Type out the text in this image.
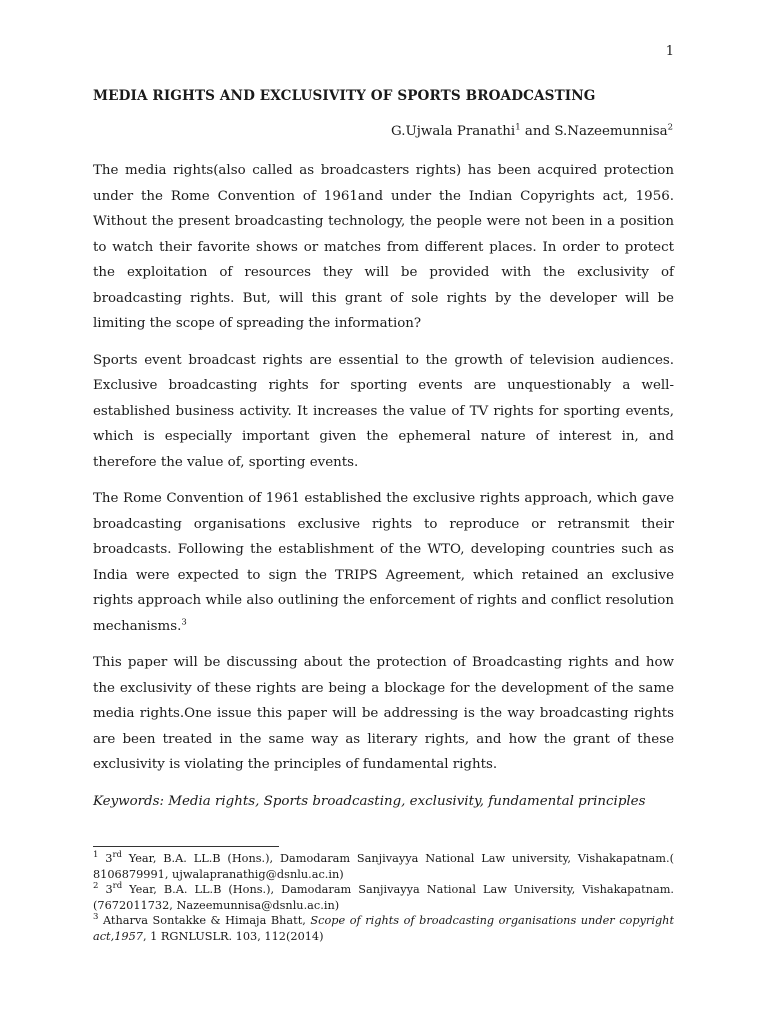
1
MEDIA RIGHTS AND EXCLUSIVITY OF SPORTS BROADCASTING
G.Ujwala Pranathi$^1$ and S.Nazeemunnisa$^2$

The media rights(also called as broadcasters rights) has been acquired protection under the Rome Convention of 1961and under the Indian Copyrights act, 1956. Without the present broadcasting technology, the people were not been in a position to watch their favorite shows or matches from different places. In order to protect the exploitation of resources they will be provided with the exclusivity of broadcasting rights. But, will this grant of sole rights by the developer will be limiting the scope of spreading the information?

Sports event broadcast rights are essential to the growth of television audiences. Exclusive broadcasting rights for sporting events are unquestionably a well-established business activity. It increases the value of TV rights for sporting events, which is especially important given the ephemeral nature of interest in, and therefore the value of, sporting events.

The Rome Convention of 1961 established the exclusive rights approach, which gave broadcasting organisations exclusive rights to reproduce or retransmit their broadcasts. Following the establishment of the WTO, developing countries such as India were expected to sign the TRIPS Agreement, which retained an exclusive rights approach while also outlining the enforcement of rights and conflict resolution mechanisms.$^3$

This paper will be discussing about the protection of Broadcasting rights and how the exclusivity of these rights are being a blockage for the development of the same media rights.One issue this paper will be addressing is the way broadcasting rights are been treated in the same way as literary rights, and how the grant of these exclusivity is violating the principles of fundamental rights.

Keywords: Media rights, Sports broadcasting, exclusivity, fundamental principles

$^1$ 3rd Year, B.A. LL.B (Hons.), Damodaram Sanjivayya National Law university, Vishakapatnam.( 8106879991, ujwalapranathig@dsnlu.ac.in)

$^2$ 3rd Year, B.A. LL.B (Hons.), Damodaram Sanjivayya National Law University, Vishakapatnam. (7672011732, Nazeemunnisa@dsnlu.ac.in)

$^3$ Atharva Sontakke & Himaja Bhatt, Scope of rights of broadcasting organisations under copyright act,1957, 1 RGNLUSLR. 103, 112(2014)
